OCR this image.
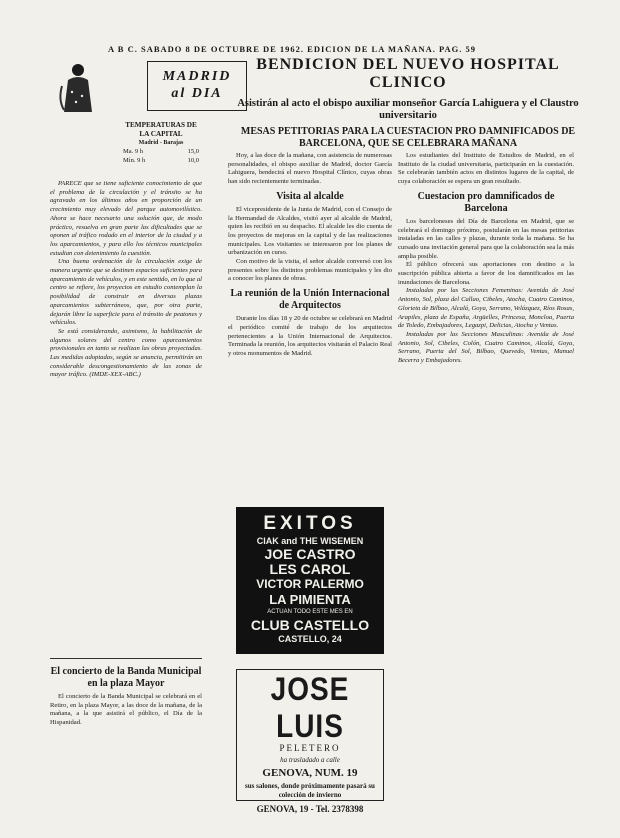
A B C. SABADO 8 DE OCTUBRE DE 1962. EDICION DE LA MAÑANA. PAG. 59
MADRID
al DIA
TEMPERATURAS DE LA CAPITAL
Madrid - Barajas
Ma. 9 h	15,0
Mín. 9 h	10,0

PARECE que se tiene suficiente conocimiento de que el problema de la circulación y el tránsito se ha agravado en los últimos años en proporción de un crecimiento muy elevado del parque automovilístico. Ahora se hace necesario una solución que, de modo práctico, resuelva en gran parte las dificultades que se oponen al tráfico rodado en el interior de la ciudad y a los aparcamientos, y para ello los técnicos municipales estudian con detenimiento la cuestión.

Una buena ordenación de la circulación exige de manera urgente que se destinen espacios suficientes para aparcamiento de vehículos, y en este sentido, en lo que al centro se refiere, los proyectos en estudio contemplan la posibilidad de construir en diversas plazas aparcamientos subterráneos, que, por otra parte, dejarán libre la superficie para el tránsito de peatones y vehículos.

Se está considerando, asimismo, la habilitación de algunos solares del centro como aparcamientos provisionales en tanto se realizan las obras proyectadas. Las medidas adoptadas, según se anuncia, permitirán un considerable descongestionamiento de las zonas de mayor tráfico. (IMDE-XEX-ABC.)

El concierto de la Banda Municipal en la plaza Mayor

El concierto de la Banda Municipal se celebrará en el Retiro, en la plaza Mayor, a las doce de la mañana, de la mañana, a la que asistirá el público, el Día de la Hispanidad.

BENDICION DEL NUEVO HOSPITAL CLINICO
Asistirán al acto el obispo auxiliar monseñor García Lahiguera y el Claustro universitario
MESAS PETITORIAS PARA LA CUESTACION PRO DAMNIFICADOS DE BARCELONA, QUE SE CELEBRARA MAÑANA

Hoy, a las doce de la mañana, con asistencia de numerosas personalidades, el obispo auxiliar de Madrid, doctor García Lahiguera, bendecirá el nuevo Hospital Clínico, cuyas obras han sido recientemente terminadas.

Visita al alcalde

El vicepresidente de la Junta de Madrid, con el Consejo de la Hermandad de Alcaldes, visitó ayer al alcalde de Madrid, quien les recibió en su despacho. El alcalde les dio cuenta de los proyectos de mejoras en la capital y de las realizaciones municipales. Los visitantes se interesaron por los planes de urbanización en curso.

Con motivo de la visita, el señor alcalde conversó con los presentes sobre los distintos problemas municipales y les dio a conocer los planes de obras.

La reunión de la Unión Internacional de Arquitectos

Durante los días 18 y 20 de octubre se celebrará en Madrid el periódico comité de trabajo de los arquitectos pertenecientes a la Unión Internacional de Arquitectos. Terminada la reunión, los arquitectos visitarán el Palacio Real y otros monumentos de Madrid.

Los estudiantes del Instituto de Estudios de Madrid, en el Instituto de la ciudad universitaria, participarán en la cuestación. Se celebrarán también actos en distintos lugares de la capital, de cuya colaboración se espera un gran resultado.

Cuestacion pro damnificados de Barcelona

Los barceloneses del Día de Barcelona en Madrid, que se celebrará el domingo próximo, postularán en las mesas petitorias instaladas en las calles y plazas, durante toda la mañana. Se ha cursado una invitación general para que la colaboración sea la más amplia posible.

El público ofrecerá sus aportaciones con destino a la suscripción pública abierta a favor de los damnificados en las inundaciones de Barcelona.

Instaladas por las Secciones Femeninas: Avenida de José Antonio, Sol, plaza del Callao, Cibeles, Atocha, Cuatro Caminos, Glorieta de Bilbao, Alcalá, Goya, Serrano, Velázquez, Ríos Rosas, Arapiles, plaza de España, Argüelles, Princesa, Moncloa, Puerta de Toledo, Embajadores, Legazpi, Delicias, Atocha y Ventas.

Instaladas por las Secciones Masculinas: Avenida de José Antonio, Sol, Cibeles, Colón, Cuatro Caminos, Alcalá, Goya, Serrano, Puerta del Sol, Bilbao, Quevedo, Ventas, Manuel Becerra y Embajadores.

EXITOS
CIAK and THE WISEMEN
JOE CASTRO
LES CAROL
VICTOR PALERMO
LA PIMIENTA
ACTUAN TODO ESTE MES EN
CLUB CASTELLO
CASTELLO, 24
JOSE LUIS
PELETERO
ha trasladado a calle
GENOVA, NUM. 19
sus salones, donde próximamente pasará su colección de invierno
GENOVA, 19 - Tel. 2378398
